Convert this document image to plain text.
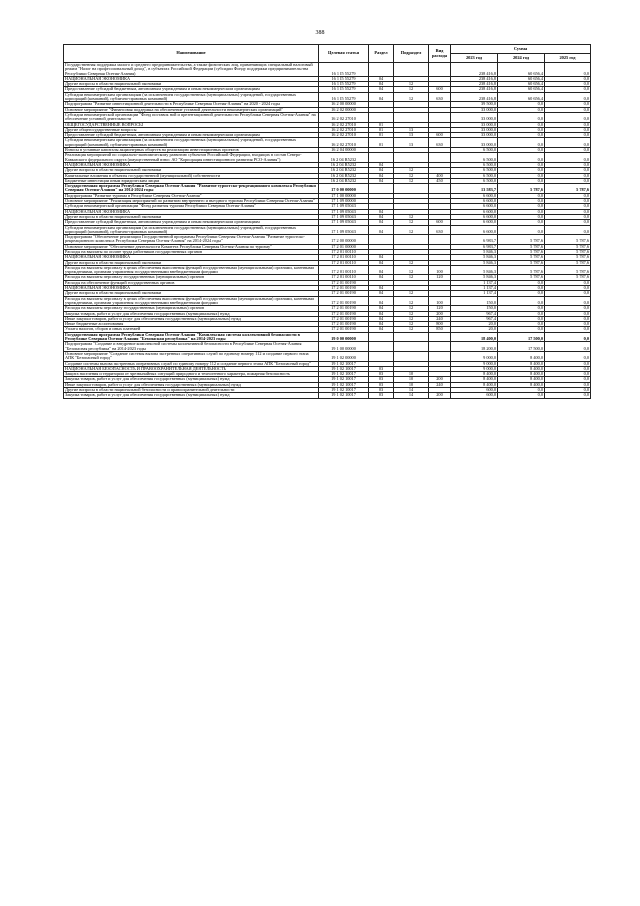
388
Наименование	Целевая статья	Раздел	Подраздел	Вид расхода	Сумма		
					2023 год	2024 год	2025 год
Государственная поддержка малого и среднего предпринимательства, а также физических лиц, применяющих специальный налоговый режим "Налог на профессиональный доход", в субъектах Российской Федерации (субсидии Фонду поддержки предпринимательства Республики Северная Осетия-Алания)	16 1 I5 55279				238 416,8	60 656,4	0,0
НАЦИОНАЛЬНАЯ ЭКОНОМИКА	16 1 I5 55279	04			238 416,8	60 656,4	0,0
Другие вопросы в области национальной экономики	16 1 I5 55279	04	12		238 416,8	60 656,4	0,0
Предоставление субсидий бюджетным, автономным учреждениям и иным некоммерческим организациям	16 1 I5 55279	04	12	600	238 416,8	60 656,4	0,0
Субсидии некоммерческим организациям (за исключением государственных (муниципальных) учреждений, государственных корпораций (компаний), публично-правовых компаний)	16 1 I5 55279	04	12	630	238 416,8	60 656,4	0,0
Подпрограмма "Развитие инвестиционной деятельности в Республике Северная Осетия-Алания" на 2020 - 2024 годы	16 2 00 00000				39 500,0	0,0	0,0
Основное мероприятие "Финансовая поддержка на обеспечение уставной деятельности некоммерческих организаций"	16 2 02 00000				33 000,0	0,0	0,0
Субсидии некоммерческой организации "Фонд поставок ной и презентационной деятельности Республики Северная Осетия-Алания" на обеспечение уставной деятельности	16 2 02 27010				33 000,0	0,0	0,0
ОБЩЕГОСУДАРСТВЕННЫЕ ВОПРОСЫ	16 2 02 27010	01			33 000,0	0,0	0,0
Другие общегосударственные вопросы	16 2 02 27010	01	13		33 000,0	0,0	0,0
Предоставление субсидий бюджетным, автономным учреждениям и иным некоммерческим организациям	16 2 02 27010	01	13	600	33 000,0	0,0	0,0
Субсидии некоммерческим организациям (за исключением государственных (муниципальных) учреждений, государственных корпораций (компаний), публично-правовых компаний)	16 2 02 27010	01	13	630	33 000,0	0,0	0,0
Взносы в уставные капиталы акционерных обществ на реализацию инвестиционных проектов	16 2 04 00000				6 500,0	0,0	0,0
Реализация мероприятий по социально-экономическому развитию субъектов Российской Федерации, входящих в состав Северо-Кавказского федерального округа (имущественный взнос АО "Корпорация инвестиционного развития РСО-Алания")	16 2 04 R5232				6 500,0	0,0	0,0
НАЦИОНАЛЬНАЯ ЭКОНОМИКА	16 2 04 R5232	04			6 500,0	0,0	0,0
Другие вопросы в области национальной экономики	16 2 04 R5232	04	12		6 500,0	0,0	0,0
Капитальные вложения в объекты государственной (муниципальной) собственности	16 2 04 R5232	04	12	400	6 500,0	0,0	0,0
Бюджетные инвестиции иным юридическим лицам	16 2 04 R5232	04	12	450	6 500,0	0,0	0,0
Государственная программа Республики Северная Осетия-Алания "Развитие туристско-рекреационного комплекса Республики Северная Осетия-Алания" на 2014-2024 годы	17 0 00 00000				13 583,7	5 787,6	5 787,6
Подпрограмма "Развитие туризма в Республике Северная Осетия-Алания"	17 1 00 00000				6 600,0	0,0	0,0
Основное мероприятие "Реализация мероприятий по развитию внутреннего и въездного туризма Республики Северная Осетия-Алания"	17 1 09 00000				6 600,0	0,0	0,0
Субсидии некоммерческой организации "Фонд развития туризма Республики Северная Осетия-Алания"	17 1 09 05043				6 600,0	0,0	0,0
НАЦИОНАЛЬНАЯ ЭКОНОМИКА	17 1 09 05043	04			6 600,0	0,0	0,0
Другие вопросы в области национальной экономики	17 1 09 05043	04	12		6 600,0	0,0	0,0
Предоставление субсидий бюджетным, автономным учреждениям и иным некоммерческим организациям	17 1 09 05043	04	12	600	6 600,0	0,0	0,0
Субсидии некоммерческим организациям (за исключением государственных (муниципальных) учреждений, государственных корпораций (компаний), публично-правовых компаний)	17 1 09 05043	04	12	630	6 600,0	0,0	0,0
Подпрограмма "Обеспечение реализации Государственной программы Республики Северная Осетия-Алания "Развитие туристско-рекреационного комплекса Республики Северная Осетия-Алания" на 2014-2024 годы"	17 2 00 00000				6 983,7	5 787,6	5 787,6
Основное мероприятие "Обеспечение деятельности Комитета Республики Северная Осетия-Алания по туризму"	17 2 01 00000				6 983,7	5 787,6	5 787,6
Расходы на выплаты по оплате труда работников государственных органов	17 2 01 00110				5 846,3	5 787,6	5 787,6
НАЦИОНАЛЬНАЯ ЭКОНОМИКА	17 2 01 00110	04			5 846,3	5 787,6	5 787,6
Другие вопросы в области национальной экономики	17 2 01 00110	04	12		5 846,3	5 787,6	5 787,6
Расходы на выплаты персоналу в целях обеспечения выполнения функций государственными (муниципальными) органами, казенными учреждениями, органами управления государственными внебюджетными фондами	17 2 01 00110	04	12	100	5 846,3	5 787,6	5 787,6
Расходы на выплаты персоналу государственных (муниципальных) органов	17 2 01 00110	04	12	120	5 846,3	5 787,6	5 787,6
Расходы на обеспечение функций государственных органов	17 2 01 00190				1 137,4	0,0	0,0
НАЦИОНАЛЬНАЯ ЭКОНОМИКА	17 2 01 00190	04			1 137,4	0,0	0,0
Другие вопросы в области национальной экономики	17 2 01 00190	04	12		1 137,4	0,0	0,0
Расходы на выплаты персоналу в целях обеспечения выполнения функций государственными (муниципальными) органами, казенными учреждениями, органами управления государственными внебюджетными фондами	17 2 01 00190	04	12	100	150,0	0,0	0,0
Расходы на выплаты персоналу государственных (муниципальных) органов	17 2 01 00190	04	12	120	150,0	0,0	0,0
Закупка товаров, работ и услуг для обеспечения государственных (муниципальных) нужд	17 2 01 00190	04	12	200	967,4	0,0	0,0
Иные закупки товаров, работ и услуг для обеспечения государственных (муниципальных) нужд	17 2 01 00190	04	12	240	967,4	0,0	0,0
Иные бюджетные ассигнования	17 2 01 00190	04	12	800	20,0	0,0	0,0
Уплата налогов, сборов и иных платежей	17 2 01 00190	04	12	850	20,0	0,0	0,0
Государственная программа Республики Северная Осетия-Алания "Комплексная система коллективной безопасности в Республике Северная Осетия-Алания "Безопасная республика" на 2014-2023 годы	19 0 00 00000				18 400,0	17 500,0	0,0
Подпрограмма "Создание и внедрение комплексной системы коллективной безопасности в Республике Северная Осетия-Алания "Безопасная республика" на 2014-2023 годы	19 1 00 00000				18 200,0	17 500,0	0,0
Основное мероприятие "Создание системы вызова экстренных оперативных служб по единому номеру 112 и создание первого этапа АПК "Безопасный город"	19 1 02 00000				9 000,0	8 400,0	0,0
Создание системы вызова экстренных оперативных служб по единому номеру 112 и создание первого этапа АПК "Безопасный город"	19 1 02 10017				9 000,0	8 400,0	0,0
НАЦИОНАЛЬНАЯ БЕЗОПАСНОСТЬ И ПРАВООХРАНИТЕЛЬНАЯ ДЕЯТЕЛЬНОСТЬ	19 1 02 10017	03			9 000,0	8 400,0	0,0
Защита населения и территории от чрезвычайных ситуаций природного и техногенного характера, пожарная безопасность	19 1 02 10017	03	10		8 400,0	8 400,0	0,0
Закупка товаров, работ и услуг для обеспечения государственных (муниципальных) нужд	19 1 02 10017	03	10	200	8 400,0	8 400,0	0,0
Иные закупки товаров, работ и услуг для обеспечения государственных (муниципальных) нужд	19 1 02 10017	03	10	240	8 400,0	8 400,0	0,0
Другие вопросы в области национальной безопасности и правоохранительной деятельности	19 1 02 10017	03	14		600,0	0,0	0,0
Закупка товаров, работ и услуг для обеспечения государственных (муниципальных) нужд	19 1 02 10017	03	14	200	600,0	0,0	0,0
